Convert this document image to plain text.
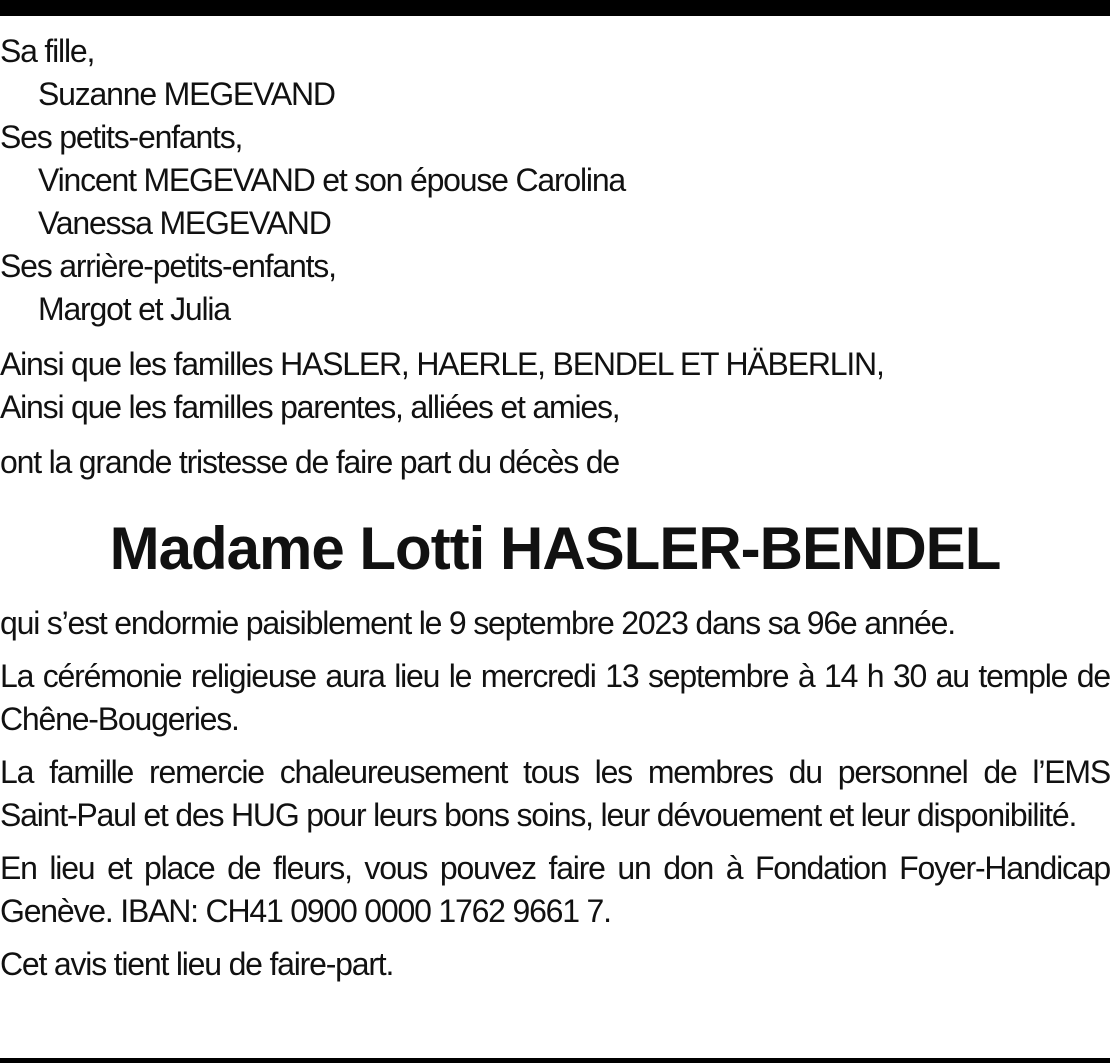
Sa fille,
Suzanne MEGEVAND
Ses petits-enfants,
Vincent MEGEVAND et son épouse Carolina
Vanessa MEGEVAND
Ses arrière-petits-enfants,
Margot et Julia
Ainsi que les familles HASLER, HAERLE, BENDEL ET HÄBERLIN,
Ainsi que les familles parentes, alliées et amies,
ont la grande tristesse de faire part du décès de
Madame Lotti HASLER-BENDEL
qui s’est endormie paisiblement le 9 septembre 2023 dans sa 96e année.
La cérémonie religieuse aura lieu le mercredi 13 septembre à 14 h 30 au temple de Chêne-Bougeries.
La famille remercie chaleureusement tous les membres du personnel de l’EMS Saint-Paul et des HUG pour leurs bons soins, leur dévouement et leur disponibilité.
En lieu et place de fleurs, vous pouvez faire un don à Fondation Foyer-Handicap Genève. IBAN: CH41 0900 0000 1762 9661 7.
Cet avis tient lieu de faire-part.
